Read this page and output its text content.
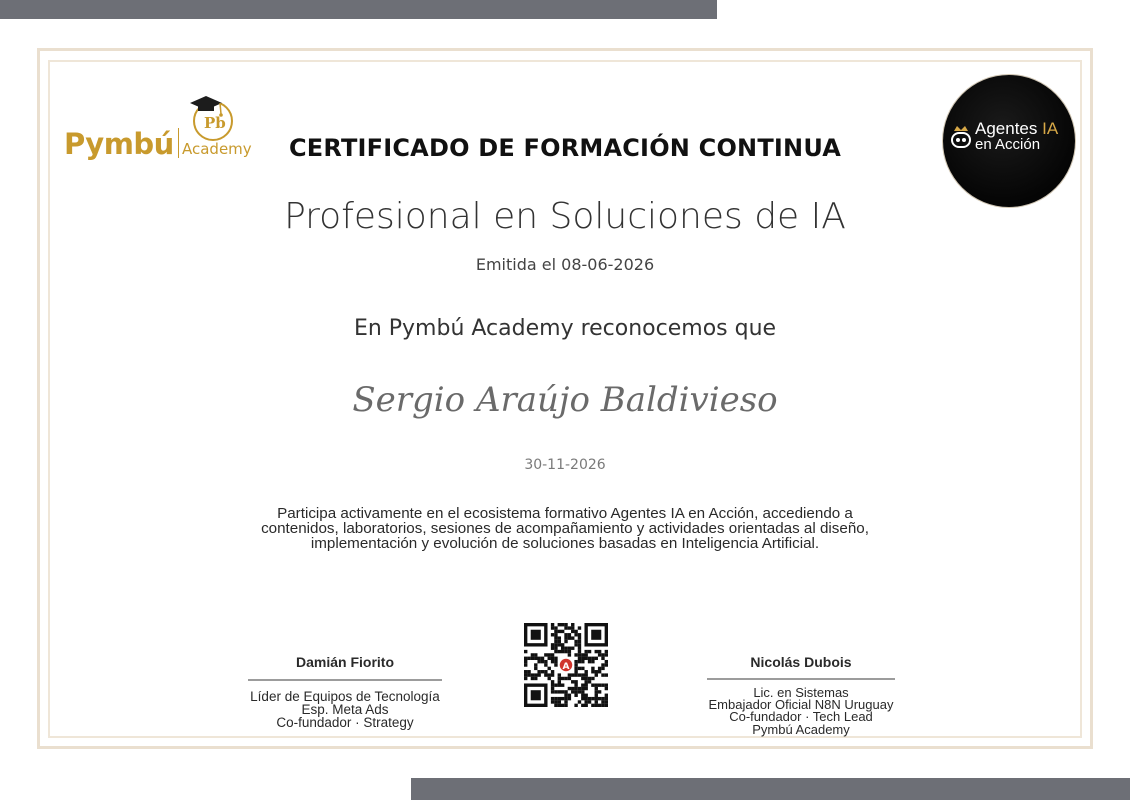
Pb
Pymbú Academy
Agentes IA
en Acción
CERTIFICADO DE FORMACIÓN CONTINUA
Profesional en Soluciones de IA
Emitida el 08-06-2026
En Pymbú Academy reconocemos que
Sergio Araújo Baldivieso
30-11-2026
Participa activamente en el ecosistema formativo Agentes IA en Acción, accediendo a
contenidos, laboratorios, sesiones de acompañamiento y actividades orientadas al diseño,
implementación y evolución de soluciones basadas en Inteligencia Artificial.
Damián Fiorito
Líder de Equipos de Tecnología
Esp. Meta Ads
Co-fundador · Strategy
Nicolás Dubois
Lic. en Sistemas
Embajador Oficial N8N Uruguay
Co-fundador · Tech Lead
Pymbú Academy
A
